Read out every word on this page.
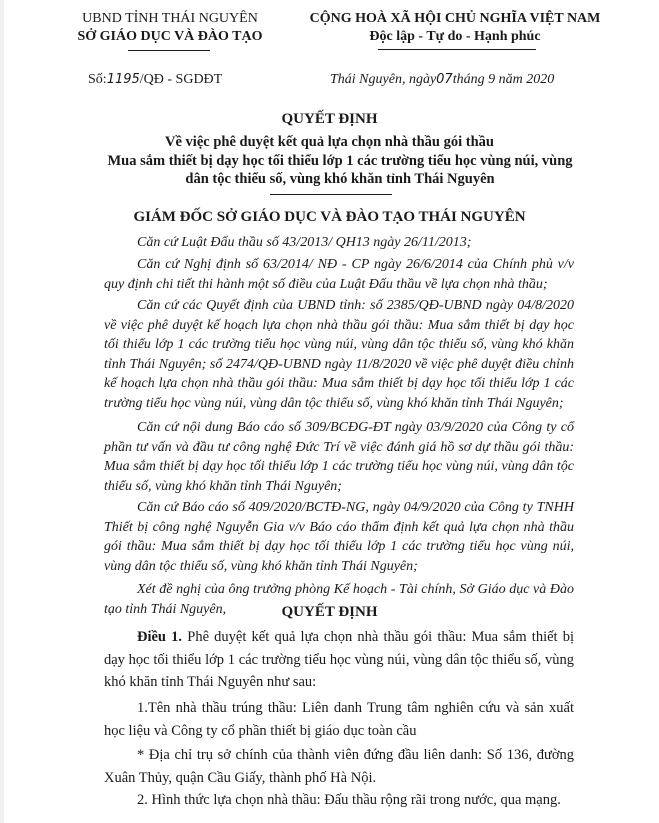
UBND TỈNH THÁI NGUYÊN
SỞ GIÁO DỤC VÀ ĐÀO TẠO
CỘNG HOÀ XÃ HỘI CHỦ NGHĨA VIỆT NAM
Độc lập - Tự do - Hạnh phúc
Số:1195/QĐ - SGDĐT	Thái Nguyên, ngày07tháng 9 năm 2020
QUYẾT ĐỊNH
Về việc phê duyệt kết quả lựa chọn nhà thầu gói thầu
Mua sắm thiết bị dạy học tối thiểu lớp 1 các trường tiểu học vùng núi, vùng dân tộc thiểu số, vùng khó khăn tỉnh Thái Nguyên
GIÁM ĐỐC SỞ GIÁO DỤC VÀ ĐÀO TẠO THÁI NGUYÊN
Căn cứ Luật Đấu thầu số 43/2013/ QH13 ngày 26/11/2013;
Căn cứ Nghị định số 63/2014/ NĐ - CP ngày 26/6/2014 của Chính phủ v/v quy định chi tiết thi hành một số điều của Luật Đấu thầu về lựa chọn nhà thầu;
Căn cứ các Quyết định của UBND tỉnh: số 2385/QĐ-UBND ngày 04/8/2020 về việc phê duyệt kế hoạch lựa chọn nhà thầu gói thầu: Mua sắm thiết bị dạy học tối thiểu lớp 1 các trường tiểu học vùng núi, vùng dân tộc thiểu số, vùng khó khăn tỉnh Thái Nguyên; số 2474/QĐ-UBND ngày 11/8/2020 về việc phê duyệt điều chỉnh kế hoạch lựa chọn nhà thầu gói thầu: Mua sắm thiết bị dạy học tối thiểu lớp 1 các trường tiểu học vùng núi, vùng dân tộc thiểu số, vùng khó khăn tỉnh Thái Nguyên;
Căn cứ nội dung Báo cáo số 309/BCĐG-ĐT ngày 03/9/2020 của Công ty cổ phần tư vấn và đầu tư công nghệ Đức Trí về việc đánh giá hồ sơ dự thầu gói thầu: Mua sắm thiết bị dạy học tối thiểu lớp 1 các trường tiểu học vùng núi, vùng dân tộc thiểu số, vùng khó khăn tỉnh Thái Nguyên;
Căn cứ Báo cáo số 409/2020/BCTĐ-NG, ngày 04/9/2020 của Công ty TNHH Thiết bị công nghệ Nguyễn Gia v/v Báo cáo thẩm định kết quả lựa chọn nhà thầu gói thầu: Mua sắm thiết bị dạy học tối thiểu lớp 1 các trường tiểu học vùng núi, vùng dân tộc thiểu số, vùng khó khăn tỉnh Thái Nguyên;
Xét đề nghị của ông trưởng phòng Kế hoạch - Tài chính, Sở Giáo dục và Đào tạo tỉnh Thái Nguyên,	QUYẾT ĐỊNH
Điều 1. Phê duyệt kết quả lựa chọn nhà thầu gói thầu: Mua sắm thiết bị dạy học tối thiểu lớp 1 các trường tiểu học vùng núi, vùng dân tộc thiểu số, vùng khó khăn tỉnh Thái Nguyên như sau:
1.Tên nhà thầu trúng thầu: Liên danh Trung tâm nghiên cứu và sản xuất học liệu và Công ty cổ phần thiết bị giáo dục toàn cầu
* Địa chỉ trụ sở chính của thành viên đứng đầu liên danh: Số 136, đường Xuân Thủy, quận Cầu Giấy, thành phố Hà Nội.
2. Hình thức lựa chọn nhà thầu: Đấu thầu rộng rãi trong nước, qua mạng.
